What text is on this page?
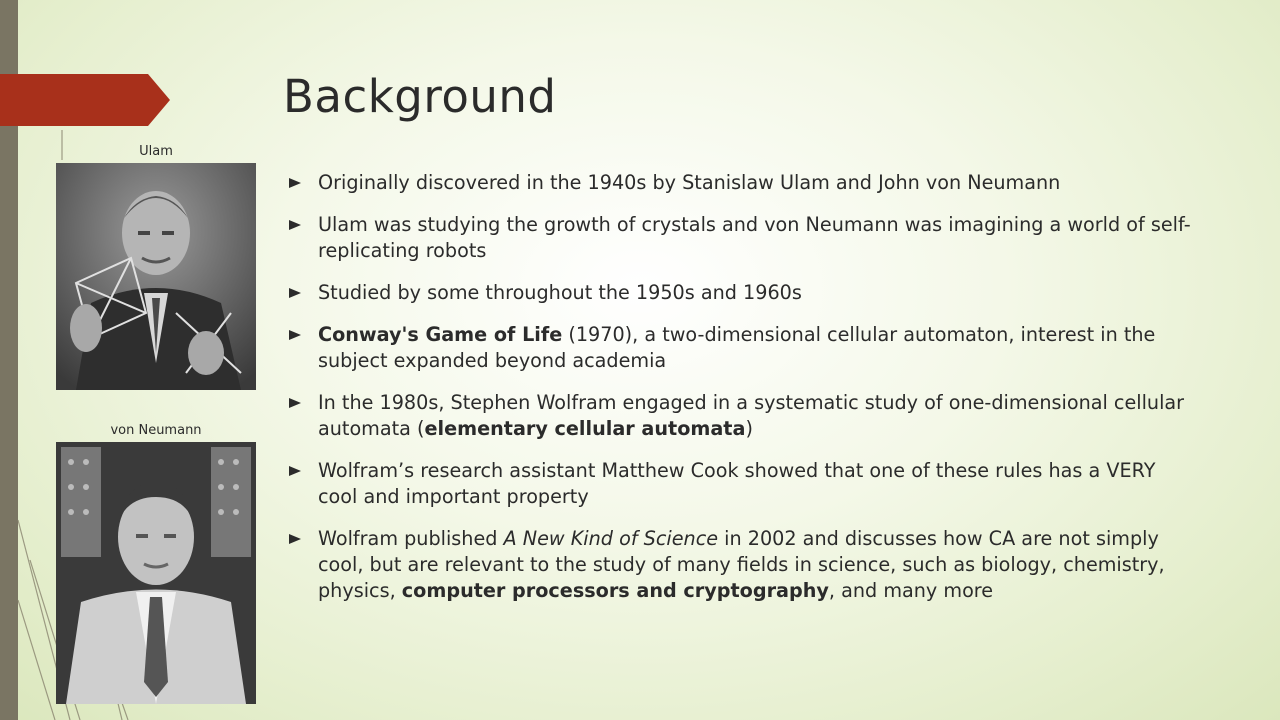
Background
Ulam
von Neumann
Originally discovered in the 1940s by Stanislaw Ulam and John von Neumann
Ulam was studying the growth of crystals and von Neumann was imagining a world of self-replicating robots
Studied by some throughout the 1950s and 1960s
Conway's Game of Life (1970), a two-dimensional cellular automaton, interest in the subject expanded beyond academia
In the 1980s, Stephen Wolfram engaged in a systematic study of one-dimensional cellular automata (elementary cellular automata)
Wolfram’s research assistant Matthew Cook showed that one of these rules has a VERY cool and important property
Wolfram published A New Kind of Science in 2002 and discusses how CA are not simply cool, but are relevant to the study of many fields in science, such as biology, chemistry, physics, computer processors and cryptography, and many more
